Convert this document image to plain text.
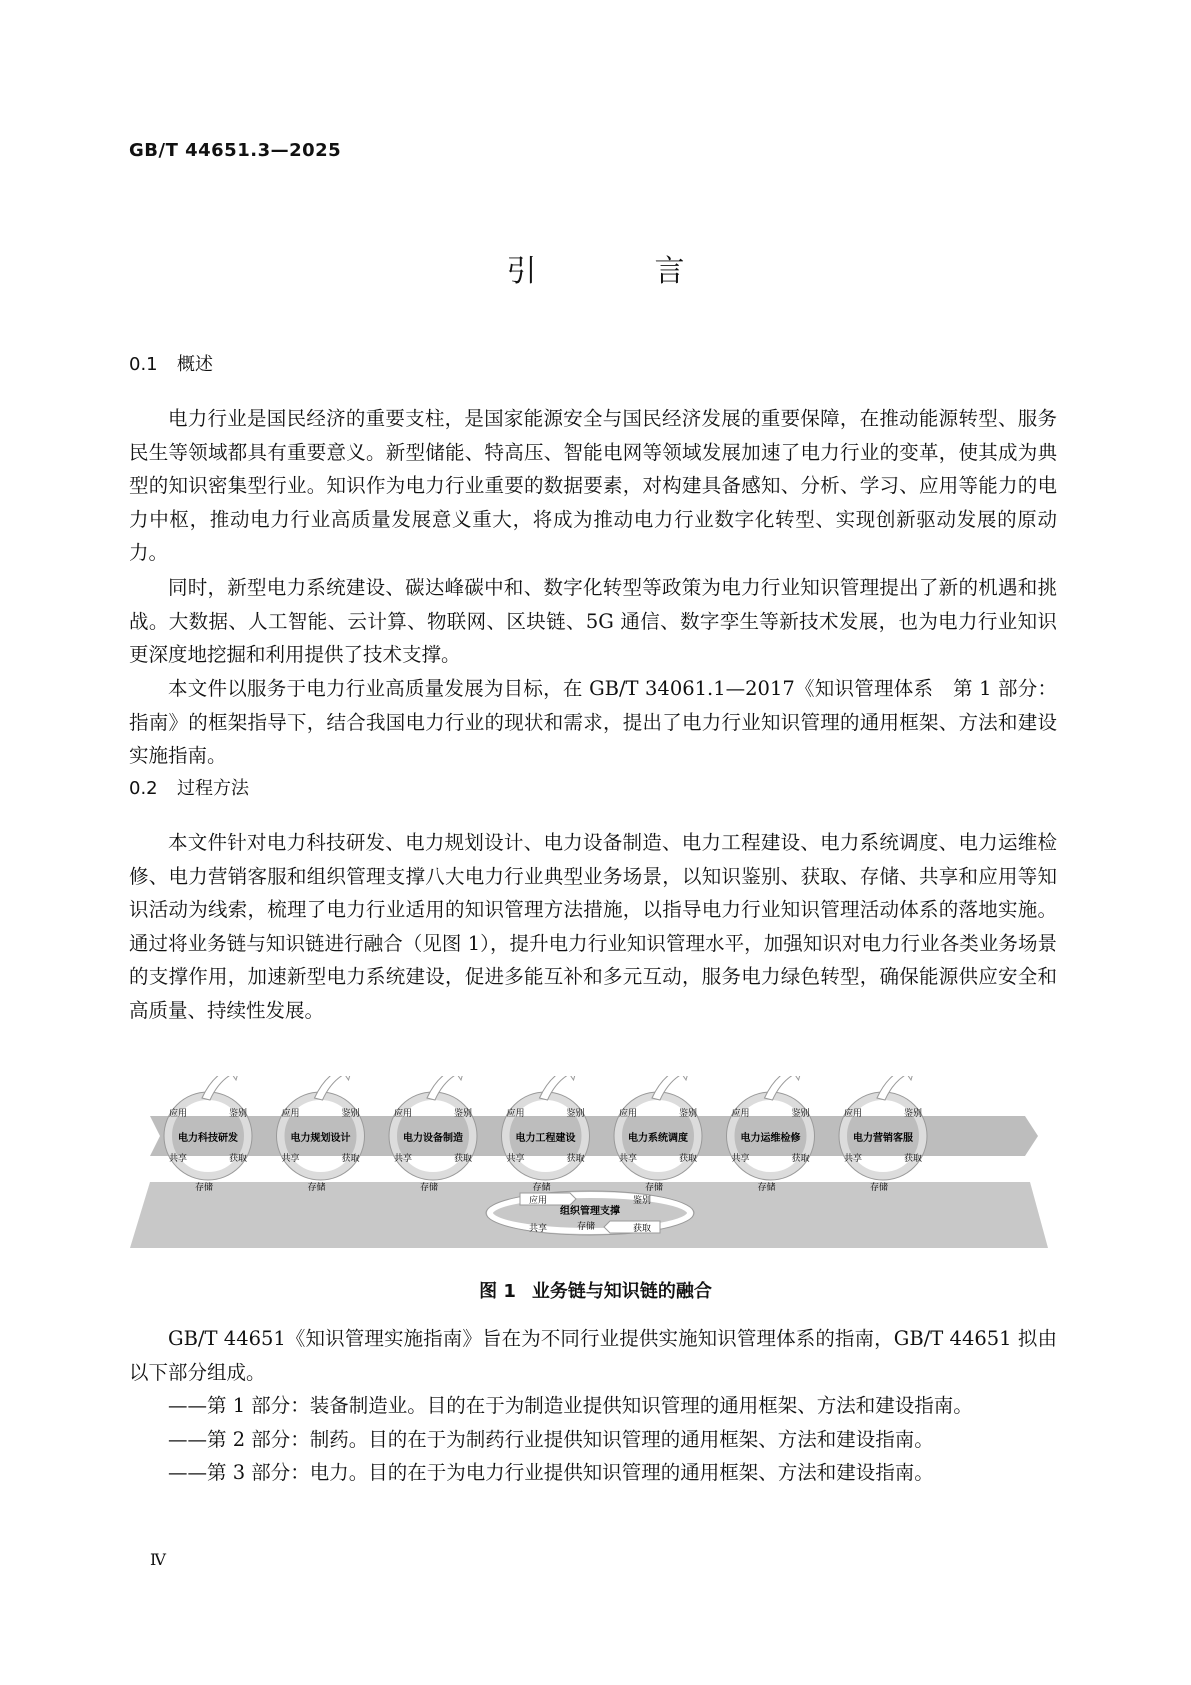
GB/T 44651.3—2025
引　言
0.1 概述

电力行业是国民经济的重要支柱，是国家能源安全与国民经济发展的重要保障，在推动能源转型、服务民生等领域都具有重要意义。新型储能、特高压、智能电网等领域发展加速了电力行业的变革，使其成为典型的知识密集型行业。知识作为电力行业重要的数据要素，对构建具备感知、分析、学习、应用等能力的电力中枢，推动电力行业高质量发展意义重大，将成为推动电力行业数字化转型、实现创新驱动发展的原动力。

同时，新型电力系统建设、碳达峰碳中和、数字化转型等政策为电力行业知识管理提出了新的机遇和挑战。大数据、人工智能、云计算、物联网、区块链、5G 通信、数字孪生等新技术发展，也为电力行业知识更深度地挖掘和利用提供了技术支撑。

本文件以服务于电力行业高质量发展为目标，在 GB/T 34061.1—2017《知识管理体系　第 1 部分：指南》的框架指导下，结合我国电力行业的现状和需求，提出了电力行业知识管理的通用框架、方法和建设实施指南。

0.2 过程方法

本文件针对电力科技研发、电力规划设计、电力设备制造、电力工程建设、电力系统调度、电力运维检修、电力营销客服和组织管理支撑八大电力行业典型业务场景，以知识鉴别、获取、存储、共享和应用等知识活动为线索，梳理了电力行业适用的知识管理方法措施，以指导电力行业知识管理活动体系的落地实施。通过将业务链与知识链进行融合（见图 1），提升电力行业知识管理水平，加强知识对电力行业各类业务场景的支撑作用，加速新型电力系统建设，促进多能互补和多元互动，服务电力绿色转型，确保能源供应安全和高质量、持续性发展。

电力科技研发
应用	鉴别
共享	获取
存储
电力规划设计
应用	鉴别
共享	获取
存储
电力设备制造
应用	鉴别
共享	获取
存储
电力工程建设
应用	鉴别
共享	获取
存储
电力系统调度
应用	鉴别
共享	获取
存储
电力运维检修
应用	鉴别
共享	获取
存储
电力营销客服
应用	鉴别
共享	获取
存储
组织管理支撑
应用	鉴别
共享	获取
存储
图 1 业务链与知识链的融合

GB/T 44651《知识管理实施指南》旨在为不同行业提供实施知识管理体系的指南，GB/T 44651 拟由以下部分组成。

——第 1 部分：装备制造业。目的在于为制造业提供知识管理的通用框架、方法和建设指南。

——第 2 部分：制药。目的在于为制药行业提供知识管理的通用框架、方法和建设指南。

——第 3 部分：电力。目的在于为电力行业提供知识管理的通用框架、方法和建设指南。

Ⅳ
